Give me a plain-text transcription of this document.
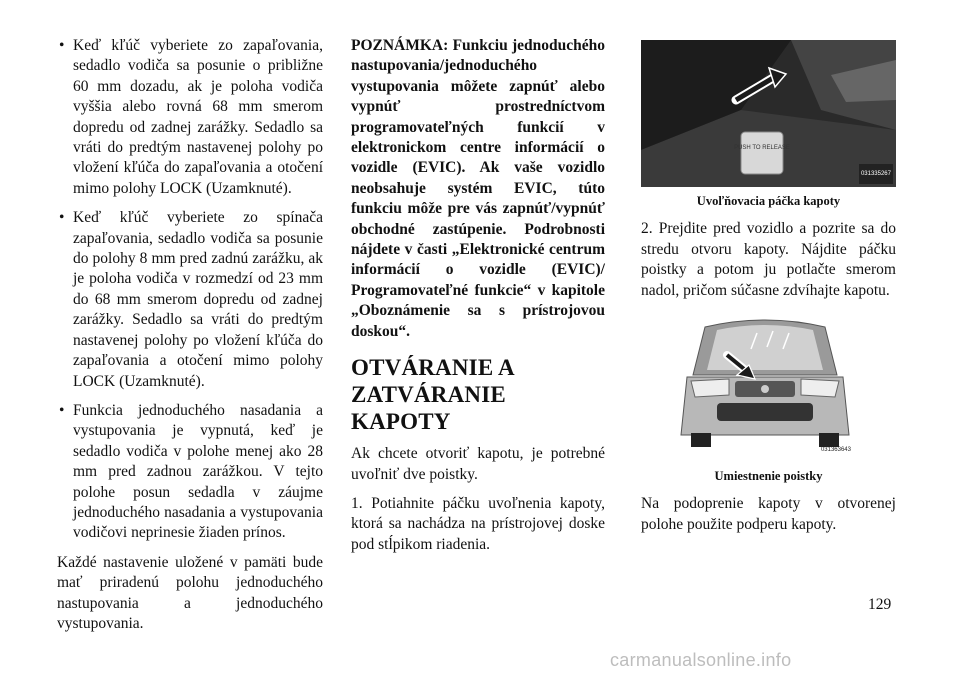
• Keď kľúč vyberiete zo zapaľovania, sedadlo vodiča sa posunie o približne 60 mm dozadu, ak je poloha vodiča vyššia alebo rovná 68 mm smerom dopredu od zadnej zarážky. Sedadlo sa vráti do predtým nastavenej polohy po vložení kľúča do zapaľovania a otočení mimo polohy LOCK (Uzamknuté).
• Keď kľúč vyberiete zo spínača zapaľovania, sedadlo vodiča sa posunie do polohy 8 mm pred zadnú zarážku, ak je poloha vodiča v rozmedzí od 23 mm do 68 mm smerom dopredu od zadnej zarážky. Sedadlo sa vráti do predtým nastavenej polohy po vložení kľúča do zapaľovania a otočení mimo polohy LOCK (Uzamknuté).
• Funkcia jednoduchého nasadania a vystupovania je vypnutá, keď je sedadlo vodiča v polohe menej ako 28 mm pred zadnou zarážkou. V tejto polohe posun sedadla v záujme jednoduchého nasadania a vystupovania vodičovi neprinesie žiaden prínos.

Každé nastavenie uložené v pamäti bude mať priradenú polohu jednoduchého nastupovania a jednoduchého vystupovania.

POZNÁMKA: Funkciu jednoduchého nastupovania/jednoduchého vystupovania môžete zapnúť alebo vypnúť prostredníctvom programovateľných funkcií v elektronickom centre informácií o vozidle (EVIC). Ak vaše vozidlo neobsahuje systém EVIC, túto funkciu môže pre vás zapnúť/vypnúť obchodné zastúpenie. Podrobnosti nájdete v časti „Elektronické centrum informácií o vozidle (EVIC)/ Programovateľné funkcie“ v kapitole „Oboznámenie sa s prístrojovou doskou“.

OTVÁRANIE A ZATVÁRANIE KAPOTY

Ak chcete otvoriť kapotu, je potrebné uvoľniť dve poistky.

1. Potiahnite páčku uvoľnenia kapoty, ktorá sa nachádza na prístrojovej doske pod stĺpikom riadenia.

PUSH TO RELEASE
031335267
Uvoľňovacia páčka kapoty

2. Prejdite pred vozidlo a pozrite sa do stredu otvoru kapoty. Nájdite páčku poistky a potom ju potlačte smerom nadol, pričom súčasne zdvíhajte kapotu.

031363643
Umiestnenie poistky

Na podoprenie kapoty v otvorenej polohe použite podperu kapoty.

129
carmanualsonline.info
